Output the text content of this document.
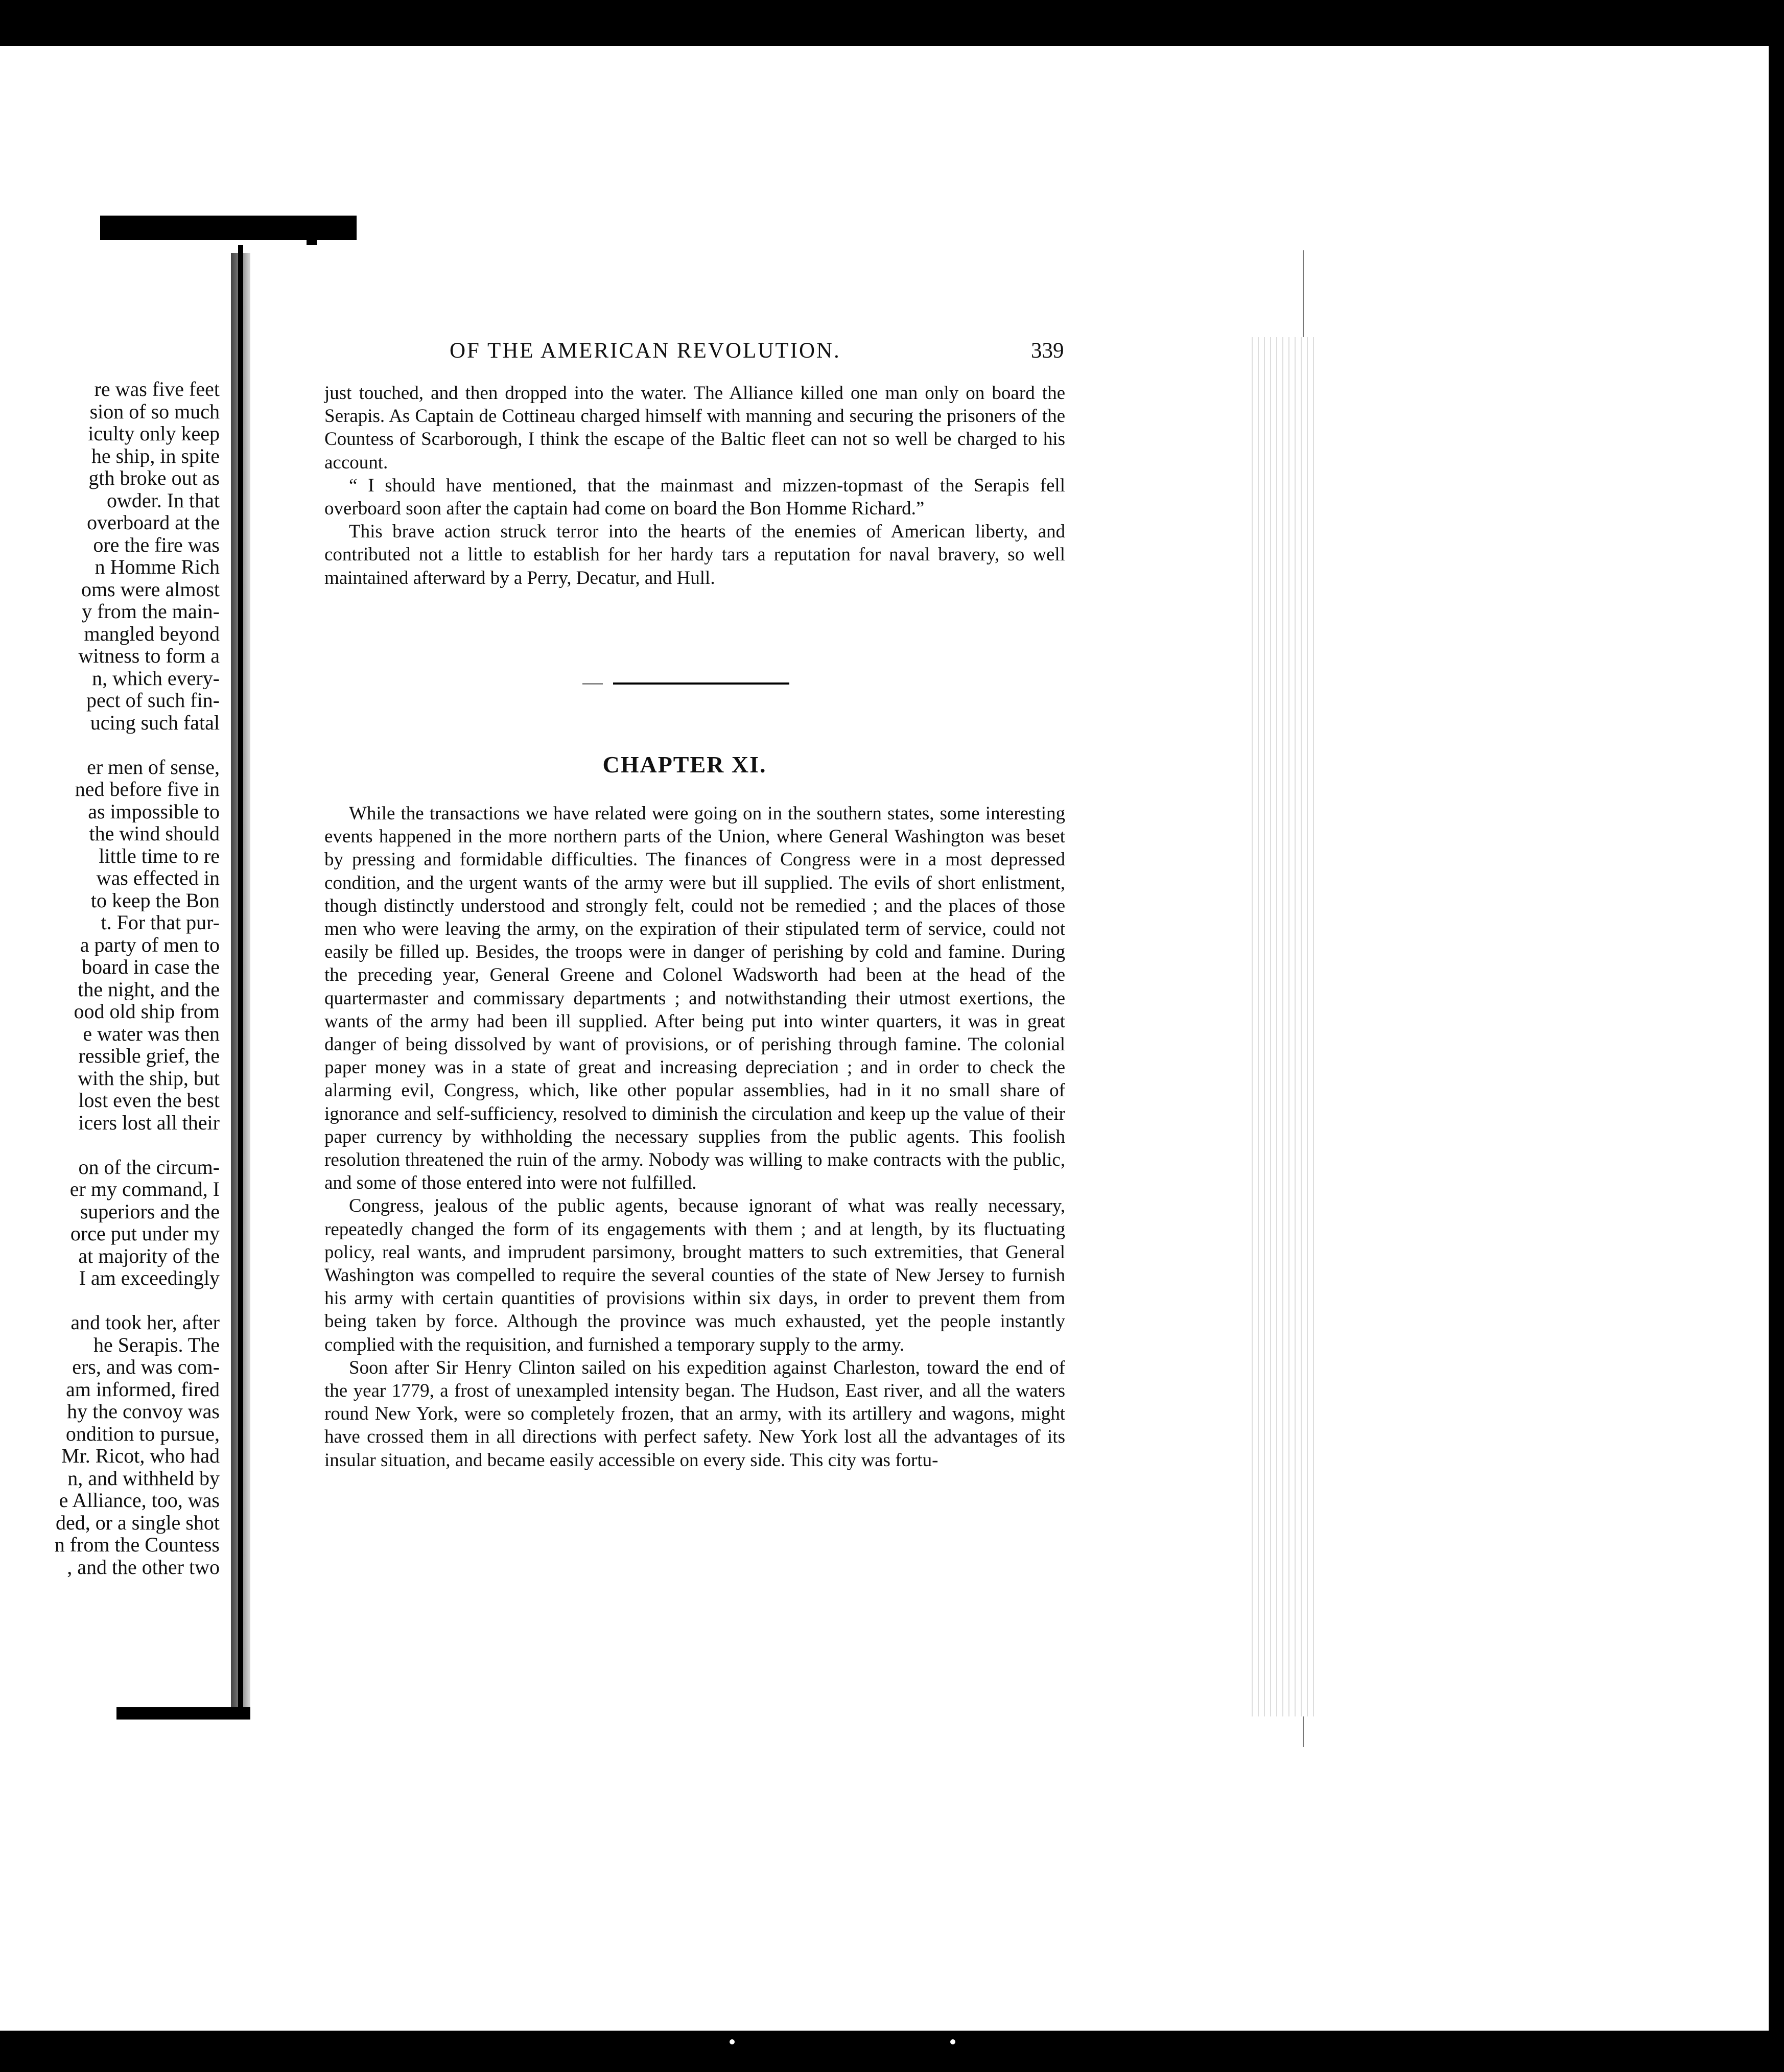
re was five feet
sion of so much
iculty only keep
he ship, in spite
gth broke out as
owder. In that
overboard at the
ore the fire was
n Homme Rich
oms were almost
y from the main-
mangled beyond
witness to form a
n, which every-
pect of such fin-
ucing such fatal

er men of sense,
ned before five in
as impossible to
the wind should
little time to re
was effected in
to keep the Bon
t. For that pur-
a party of men to
board in case the
the night, and the
ood old ship from
e water was then
ressible grief, the
with the ship, but
lost even the best
icers lost all their

on of the circum-
er my command, I
superiors and the
orce put under my
at majority of the
I am exceedingly

and took her, after
he Serapis. The
ers, and was com-
am informed, fired
hy the convoy was
ondition to pursue,
Mr. Ricot, who had
n, and withheld by
e Alliance, too, was
ded, or a single shot
n from the Countess
, and the other two
OF THE AMERICAN REVOLUTION.	339

just touched, and then dropped into the water. The Alliance killed one man only on board the Serapis. As Captain de Cottineau charged himself with manning and securing the prisoners of the Countess of Scarborough, I think the escape of the Baltic fleet can not so well be charged to his account.

“ I should have mentioned, that the mainmast and mizzen-topmast of the Serapis fell overboard soon after the captain had come on board the Bon Homme Richard.”

This brave action struck terror into the hearts of the enemies of American liberty, and contributed not a little to establish for her hardy tars a reputation for naval bravery, so well maintained afterward by a Perry, Decatur, and Hull.

CHAPTER XI.

While the transactions we have related were going on in the southern states, some interesting events happened in the more northern parts of the Union, where General Washington was beset by pressing and formidable difficulties. The finances of Congress were in a most depressed condition, and the urgent wants of the army were but ill supplied. The evils of short enlistment, though distinctly understood and strongly felt, could not be remedied ; and the places of those men who were leaving the army, on the expiration of their stipulated term of service, could not easily be filled up. Besides, the troops were in danger of perishing by cold and famine. During the preceding year, General Greene and Colonel Wadsworth had been at the head of the quartermaster and commissary departments ; and notwithstanding their utmost exertions, the wants of the army had been ill supplied. After being put into winter quarters, it was in great danger of being dissolved by want of provisions, or of perishing through famine. The colonial paper money was in a state of great and increasing depreciation ; and in order to check the alarming evil, Congress, which, like other popular assemblies, had in it no small share of ignorance and self-sufficiency, resolved to diminish the circulation and keep up the value of their paper currency by withholding the necessary supplies from the public agents. This foolish resolution threatened the ruin of the army. Nobody was willing to make contracts with the public, and some of those entered into were not fulfilled.

Congress, jealous of the public agents, because ignorant of what was really necessary, repeatedly changed the form of its engagements with them ; and at length, by its fluctuating policy, real wants, and imprudent parsimony, brought matters to such extremities, that General Washington was compelled to require the several counties of the state of New Jersey to furnish his army with certain quantities of provisions within six days, in order to prevent them from being taken by force. Although the province was much exhausted, yet the people instantly complied with the requisition, and furnished a temporary supply to the army.

Soon after Sir Henry Clinton sailed on his expedition against Charleston, toward the end of the year 1779, a frost of unexampled intensity began. The Hudson, East river, and all the waters round New York, were so completely frozen, that an army, with its artillery and wagons, might have crossed them in all directions with perfect safety. New York lost all the advantages of its insular situation, and became easily accessible on every side. This city was fortu-
